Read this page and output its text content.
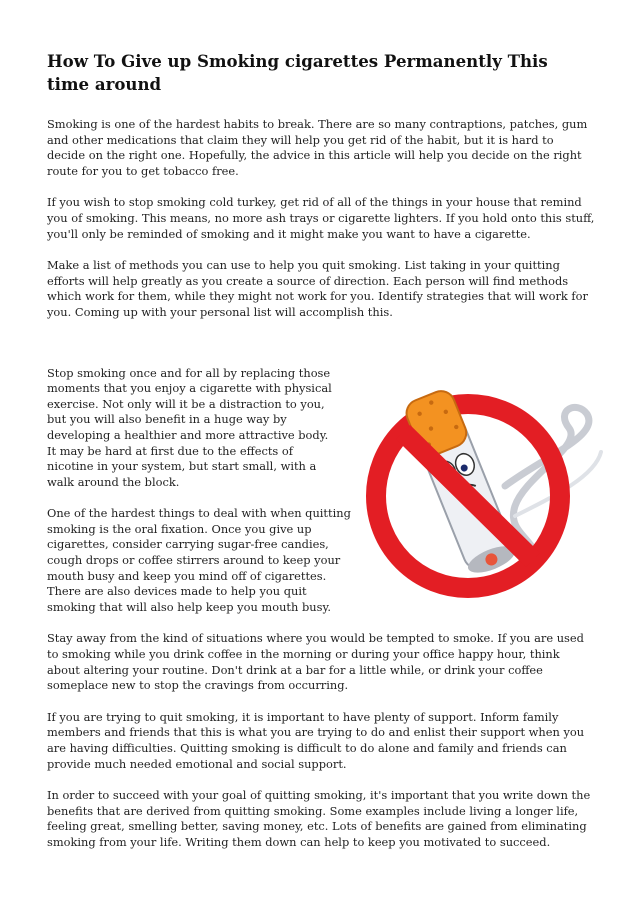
How To Give up Smoking cigarettes Permanently This time around

Smoking is one of the hardest habits to break. There are so many contraptions, patches, gum and other medications that claim they will help you get rid of the habit, but it is hard to decide on the right one. Hopefully, the advice in this article will help you decide on the right route for you to get tobacco free.

If you wish to stop smoking cold turkey, get rid of all of the things in your house that remind you of smoking. This means, no more ash trays or cigarette lighters. If you hold onto this stuff, you'll only be reminded of smoking and it might make you want to have a cigarette.

Make a list of methods you can use to help you quit smoking. List taking in your quitting efforts will help greatly as you create a source of direction. Each person will find methods which work for them, while they might not work for you. Identify strategies that will work for you. Coming up with your personal list will accomplish this.

Stop smoking once and for all by replacing those moments that you enjoy a cigarette with physical exercise. Not only will it be a distraction to you, but you will also benefit in a huge way by developing a healthier and more attractive body. It may be hard at first due to the effects of nicotine in your system, but start small, with a walk around the block.

One of the hardest things to deal with when quitting smoking is the oral fixation. Once you give up cigarettes, consider carrying sugar-free candies, cough drops or coffee stirrers around to keep your mouth busy and keep you mind off of cigarettes. There are also devices made to help you quit smoking that will also help keep you mouth busy.

Stay away from the kind of situations where you would be tempted to smoke. If you are used to smoking while you drink coffee in the morning or during your office happy hour, think about altering your routine. Don't drink at a bar for a little while, or drink your coffee someplace new to stop the cravings from occurring.

If you are trying to quit smoking, it is important to have plenty of support. Inform family members and friends that this is what you are trying to do and enlist their support when you are having difficulties. Quitting smoking is difficult to do alone and family and friends can provide much needed emotional and social support.

In order to succeed with your goal of quitting smoking, it's important that you write down the benefits that are derived from quitting smoking. Some examples include living a longer life, feeling great, smelling better, saving money, etc. Lots of benefits are gained from eliminating smoking from your life. Writing them down can help to keep you motivated to succeed.
